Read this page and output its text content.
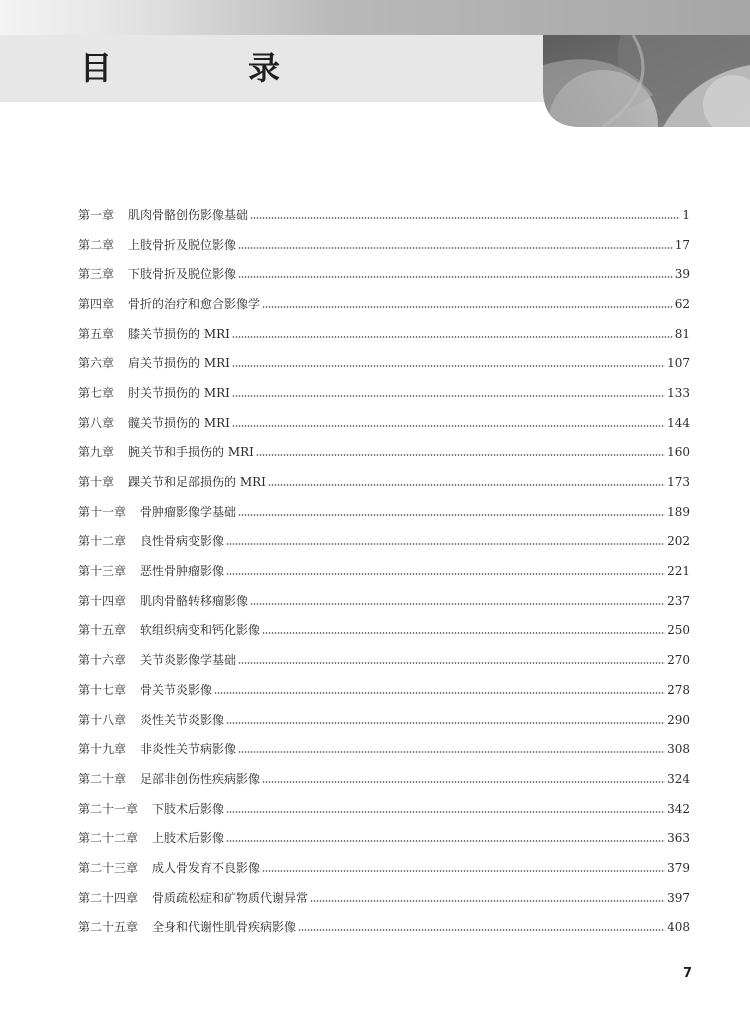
目　录
第一章 肌肉骨骼创伤影像基础	1
第二章 上肢骨折及脱位影像	17
第三章 下肢骨折及脱位影像	39
第四章 骨折的治疗和愈合影像学	62
第五章 膝关节损伤的 MRI	81
第六章 肩关节损伤的 MRI	107
第七章 肘关节损伤的 MRI	133
第八章 髋关节损伤的 MRI	144
第九章 腕关节和手损伤的 MRI	160
第十章 踝关节和足部损伤的 MRI	173
第十一章 骨肿瘤影像学基础	189
第十二章 良性骨病变影像	202
第十三章 恶性骨肿瘤影像	221
第十四章 肌肉骨骼转移瘤影像	237
第十五章 软组织病变和钙化影像	250
第十六章 关节炎影像学基础	270
第十七章 骨关节炎影像	278
第十八章 炎性关节炎影像	290
第十九章 非炎性关节病影像	308
第二十章 足部非创伤性疾病影像	324
第二十一章 下肢术后影像	342
第二十二章 上肢术后影像	363
第二十三章 成人骨发育不良影像	379
第二十四章 骨质疏松症和矿物质代谢异常	397
第二十五章 全身和代谢性肌骨疾病影像	408
7
